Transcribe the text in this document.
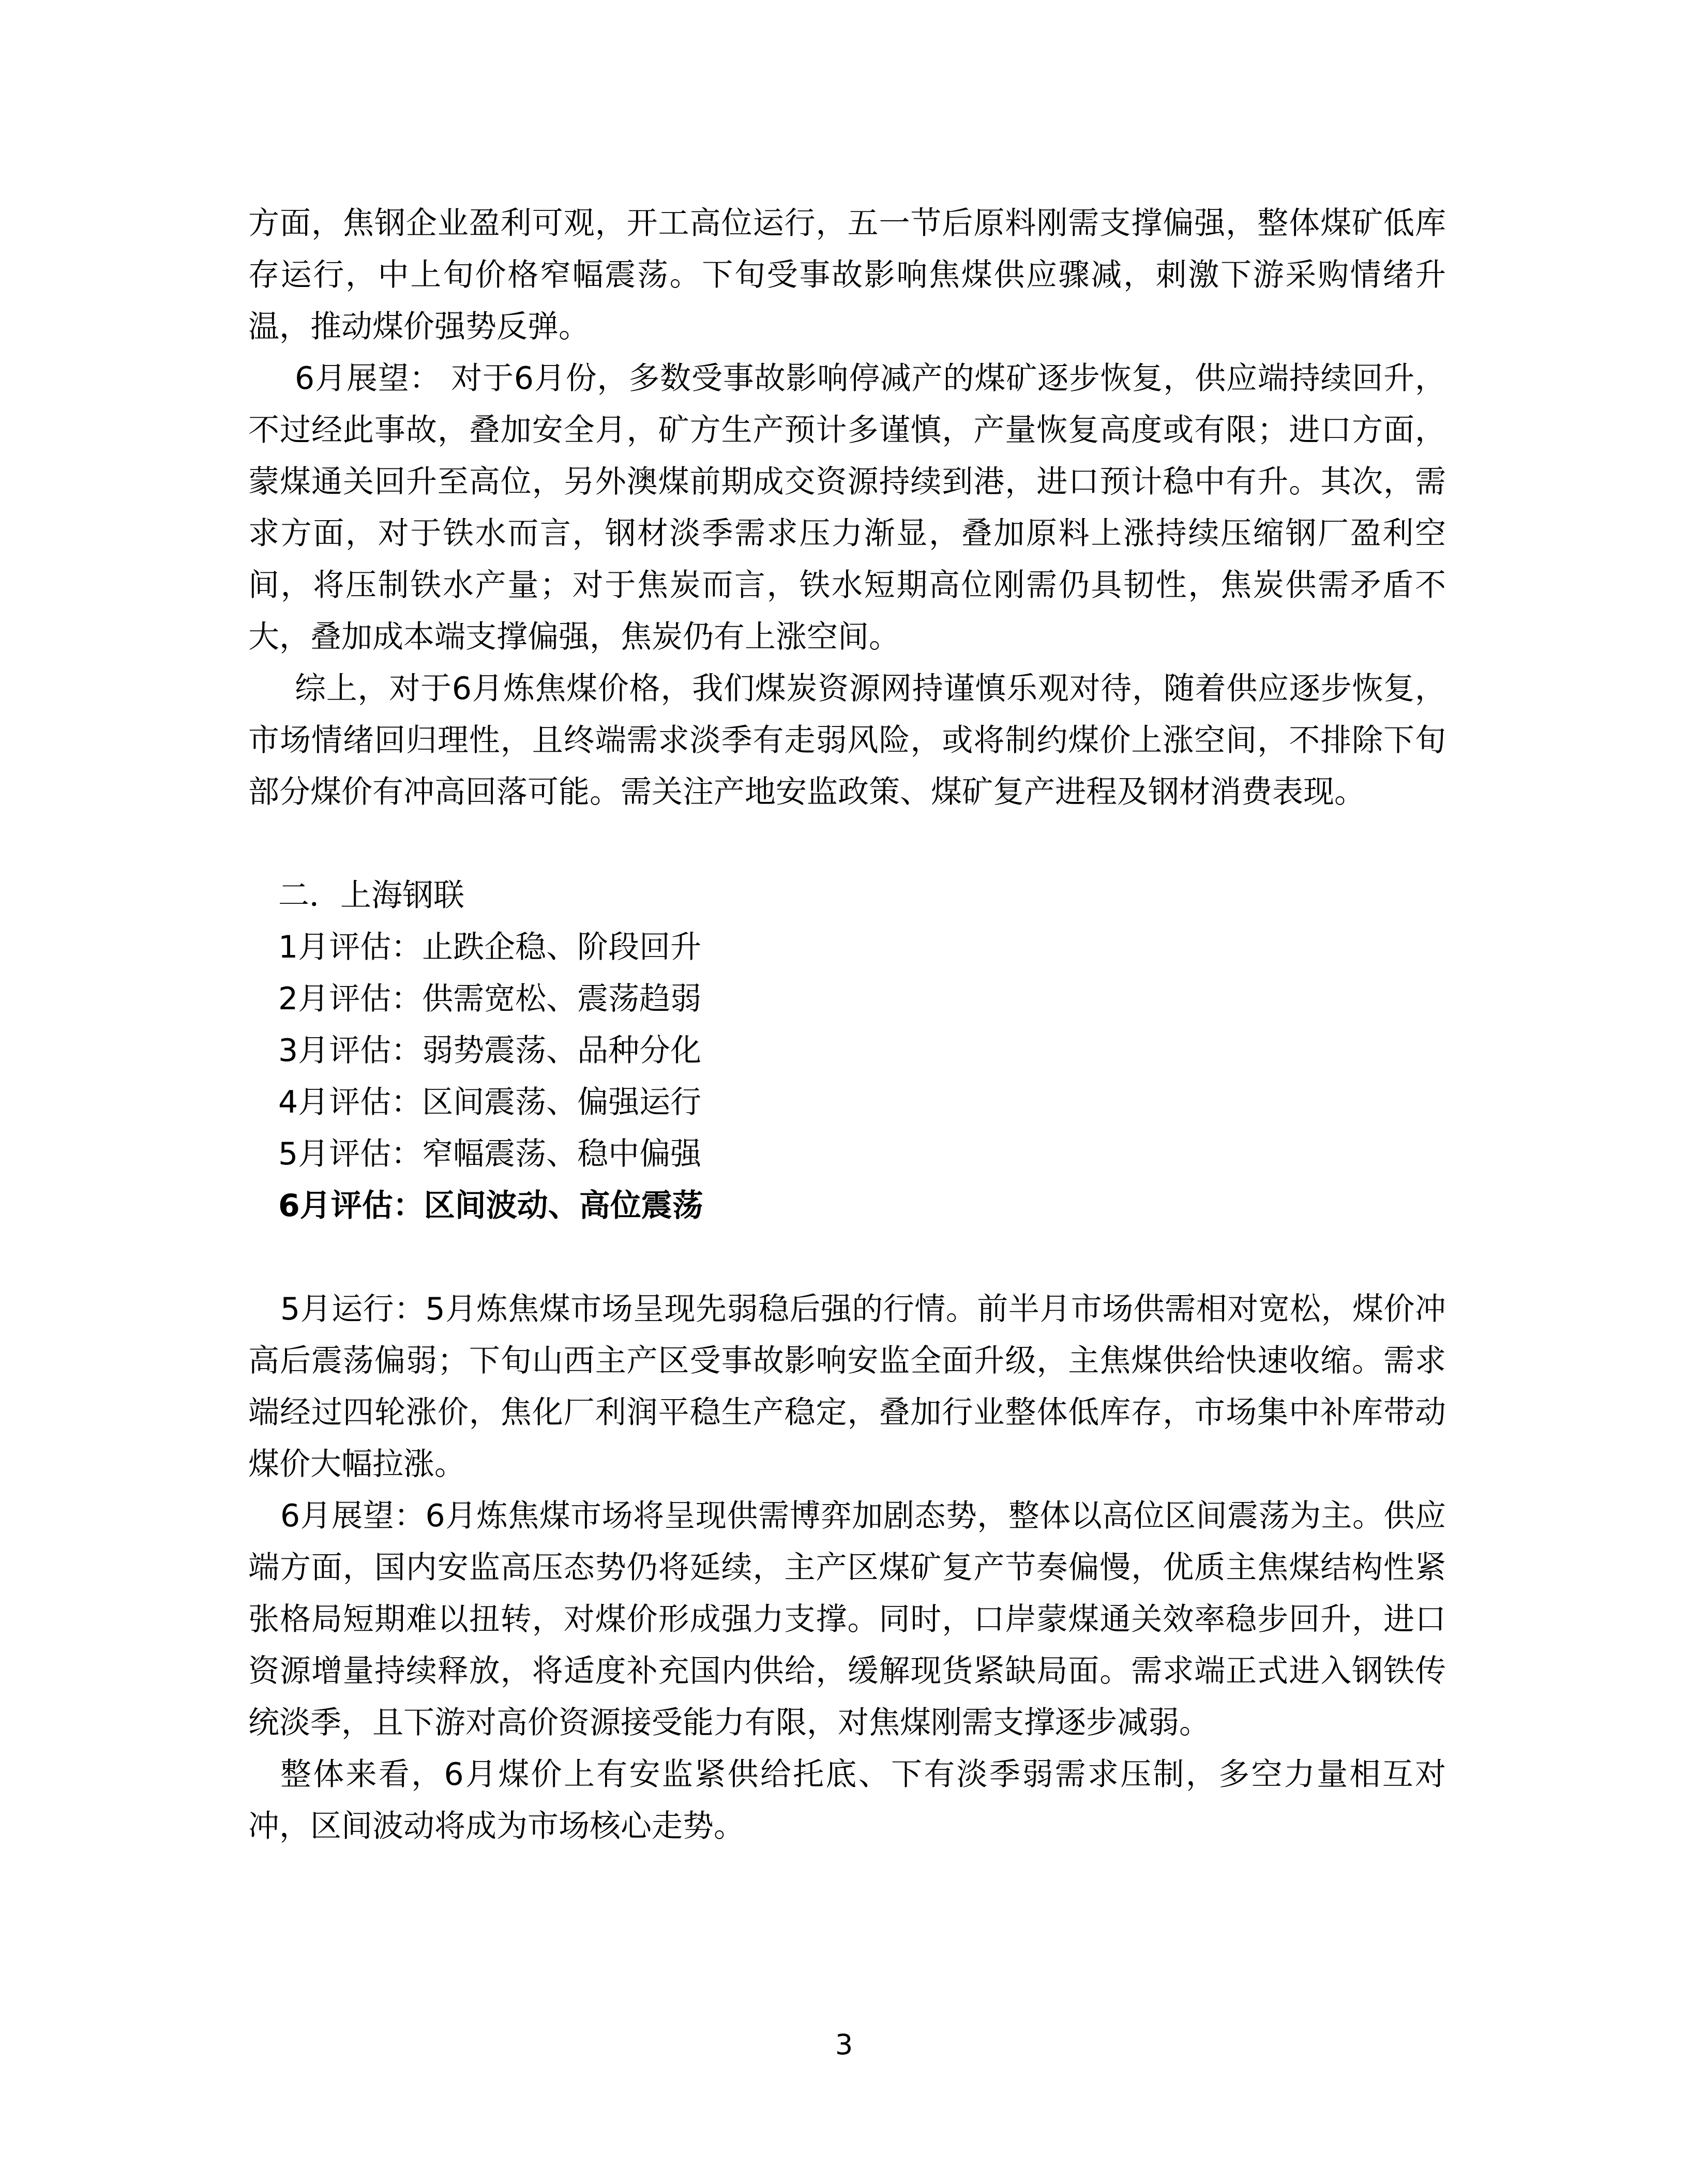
方面，焦钢企业盈利可观，开工高位运行，五一节后原料刚需支撑偏强，整体煤矿低库存运行，中上旬价格窄幅震荡。下旬受事故影响焦煤供应骤减，刺激下游采购情绪升温，推动煤价强势反弹。

6月展望： 对于6月份，多数受事故影响停减产的煤矿逐步恢复，供应端持续回升，不过经此事故，叠加安全月，矿方生产预计多谨慎，产量恢复高度或有限；进口方面，蒙煤通关回升至高位，另外澳煤前期成交资源持续到港，进口预计稳中有升。其次，需求方面，对于铁水而言，钢材淡季需求压力渐显，叠加原料上涨持续压缩钢厂盈利空间，将压制铁水产量；对于焦炭而言，铁水短期高位刚需仍具韧性，焦炭供需矛盾不大，叠加成本端支撑偏强，焦炭仍有上涨空间。

综上，对于6月炼焦煤价格，我们煤炭资源网持谨慎乐观对待，随着供应逐步恢复，市场情绪回归理性，且终端需求淡季有走弱风险，或将制约煤价上涨空间，不排除下旬部分煤价有冲高回落可能。需关注产地安监政策、煤矿复产进程及钢材消费表现。

二．上海钢联

1月评估：止跌企稳、阶段回升

2月评估：供需宽松、震荡趋弱

3月评估：弱势震荡、品种分化

4月评估：区间震荡、偏强运行

5月评估：窄幅震荡、稳中偏强

6月评估：区间波动、高位震荡

5月运行：5月炼焦煤市场呈现先弱稳后强的行情。前半月市场供需相对宽松，煤价冲高后震荡偏弱；下旬山西主产区受事故影响安监全面升级，主焦煤供给快速收缩。需求端经过四轮涨价，焦化厂利润平稳生产稳定，叠加行业整体低库存，市场集中补库带动煤价大幅拉涨。

6月展望：6月炼焦煤市场将呈现供需博弈加剧态势，整体以高位区间震荡为主。供应端方面，国内安监高压态势仍将延续，主产区煤矿复产节奏偏慢，优质主焦煤结构性紧张格局短期难以扭转，对煤价形成强力支撑。同时，口岸蒙煤通关效率稳步回升，进口资源增量持续释放，将适度补充国内供给，缓解现货紧缺局面。需求端正式进入钢铁传统淡季，且下游对高价资源接受能力有限，对焦煤刚需支撑逐步减弱。

整体来看，6月煤价上有安监紧供给托底、下有淡季弱需求压制，多空力量相互对冲，区间波动将成为市场核心走势。

3
